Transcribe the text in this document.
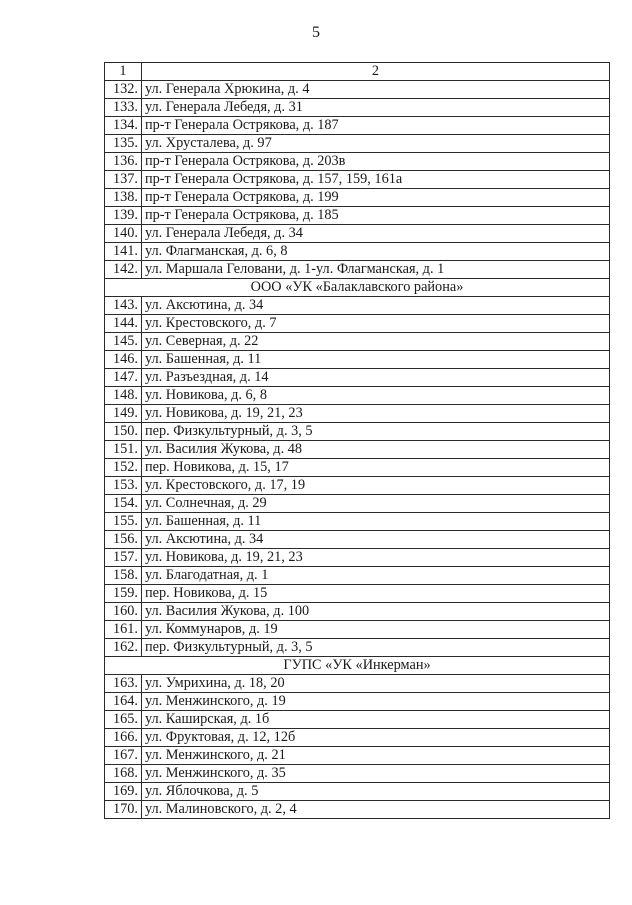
5
1	2
132.	ул. Генерала Хрюкина, д. 4
133.	ул. Генерала Лебедя, д. 31
134.	пр-т Генерала Острякова, д. 187
135.	ул. Хрусталева, д. 97
136.	пр-т Генерала Острякова, д. 203в
137.	пр-т Генерала Острякова, д. 157, 159, 161а
138.	пр-т Генерала Острякова, д. 199
139.	пр-т Генерала Острякова, д. 185
140.	ул. Генерала Лебедя, д. 34
141.	ул. Флагманская, д. 6, 8
142.	ул. Маршала Геловани, д. 1-ул. Флагманская, д. 1
ООО «УК «Балаклавского района»	
143.	ул. Аксютина, д. 34
144.	ул. Крестовского, д. 7
145.	ул. Северная, д. 22
146.	ул. Башенная, д. 11
147.	ул. Разъездная, д. 14
148.	ул. Новикова, д. 6, 8
149.	ул. Новикова, д. 19, 21, 23
150.	пер. Физкультурный, д. 3, 5
151.	ул. Василия Жукова, д. 48
152.	пер. Новикова, д. 15, 17
153.	ул. Крестовского, д. 17, 19
154.	ул. Солнечная, д. 29
155.	ул. Башенная, д. 11
156.	ул. Аксютина, д. 34
157.	ул. Новикова, д. 19, 21, 23
158.	ул. Благодатная, д. 1
159.	пер. Новикова, д. 15
160.	ул. Василия Жукова, д. 100
161.	ул. Коммунаров, д. 19
162.	пер. Физкультурный, д. 3, 5
ГУПС «УК «Инкерман»	
163.	ул. Умрихина, д. 18, 20
164.	ул. Менжинского, д. 19
165.	ул. Каширская, д. 1б
166.	ул. Фруктовая, д. 12, 12б
167.	ул. Менжинского, д. 21
168.	ул. Менжинского, д. 35
169.	ул. Яблочкова, д. 5
170.	ул. Малиновского, д. 2, 4
